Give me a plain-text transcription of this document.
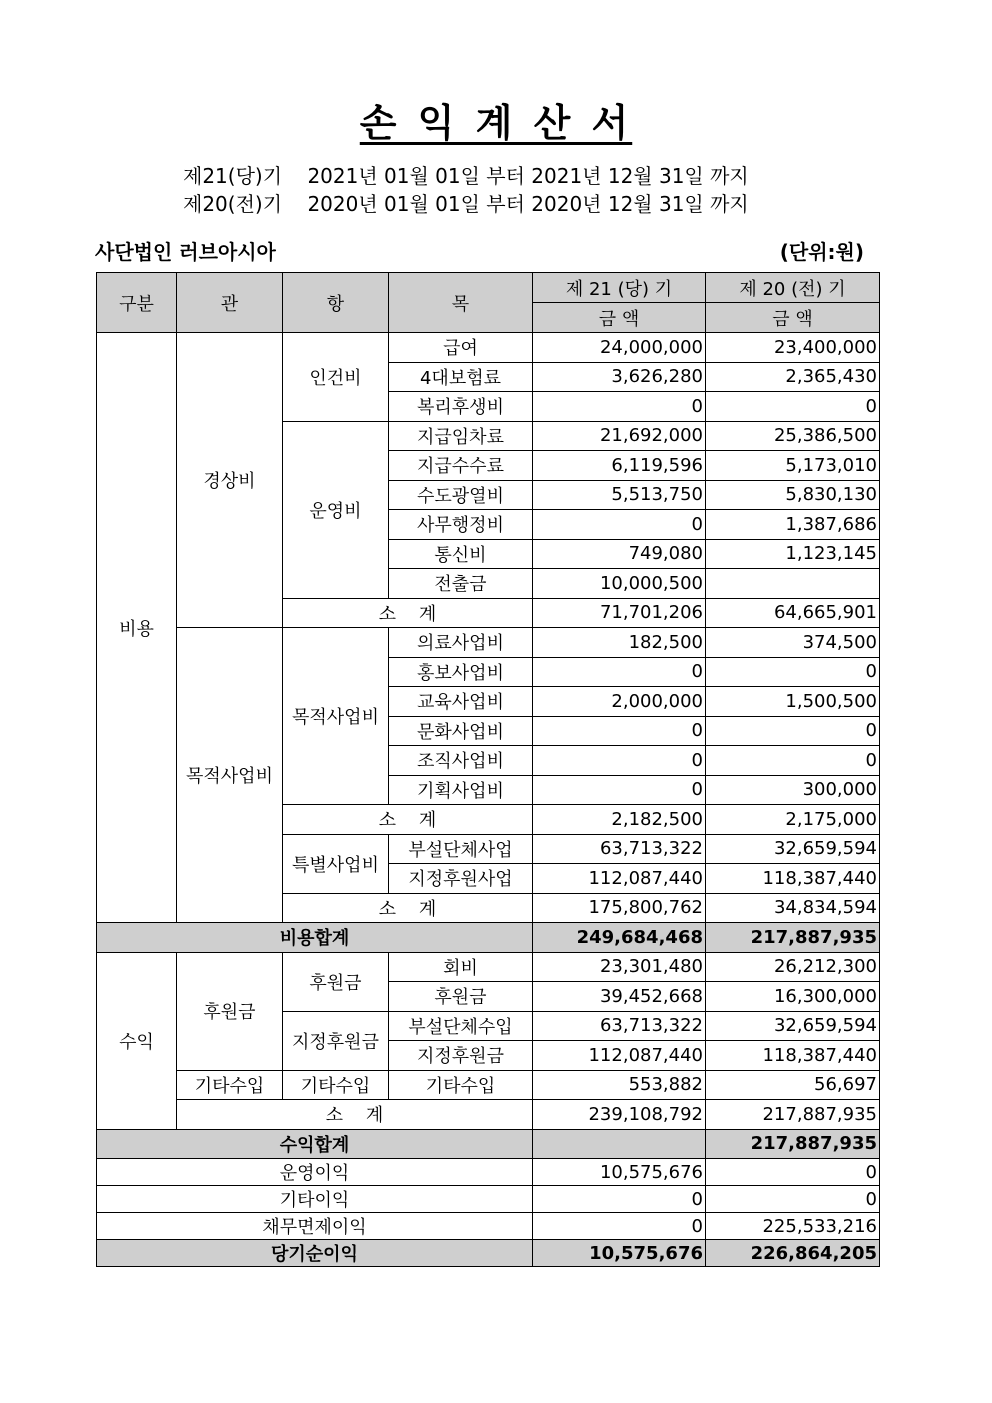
손 익 계 산 서
제21(당)기    2021년 01월 01일 부터 2021년 12월 31일 까지
제20(전)기    2020년 01월 01일 부터 2020년 12월 31일 까지
사단법인 러브아시아	(단위:원)
구분	관	항	목	제 21 (당) 기	제 20 (전) 기
				금 액	금 액
비용	경상비	인건비	급여	24,000,000	23,400,000
			4대보험료	3,626,280	2,365,430
			복리후생비	0	0
		운영비	지급임차료	21,692,000	25,386,500
			지급수수료	6,119,596	5,173,010
			수도광열비	5,513,750	5,830,130
			사무행정비	0	1,387,686
			통신비	749,080	1,123,145
			전출금	10,000,500	
		소    계		71,701,206	64,665,901
	목적사업비	목적사업비	의료사업비	182,500	374,500
			홍보사업비	0	0
			교육사업비	2,000,000	1,500,500
			문화사업비	0	0
			조직사업비	0	0
			기획사업비	0	300,000
		소    계		2,182,500	2,175,000
		특별사업비	부설단체사업	63,713,322	32,659,594
			지정후원사업	112,087,440	118,387,440
		소    계		175,800,762	34,834,594
비용합계				249,684,468	217,887,935
수익	후원금	후원금	회비	23,301,480	26,212,300
			후원금	39,452,668	16,300,000
		지정후원금	부설단체수입	63,713,322	32,659,594
			지정후원금	112,087,440	118,387,440
	기타수입	기타수입	기타수입	553,882	56,697
	소    계			239,108,792	217,887,935
수익합계					217,887,935
운영이익				10,575,676	0
기타이익				0	0
채무면제이익				0	225,533,216
당기순이익				10,575,676	226,864,205
